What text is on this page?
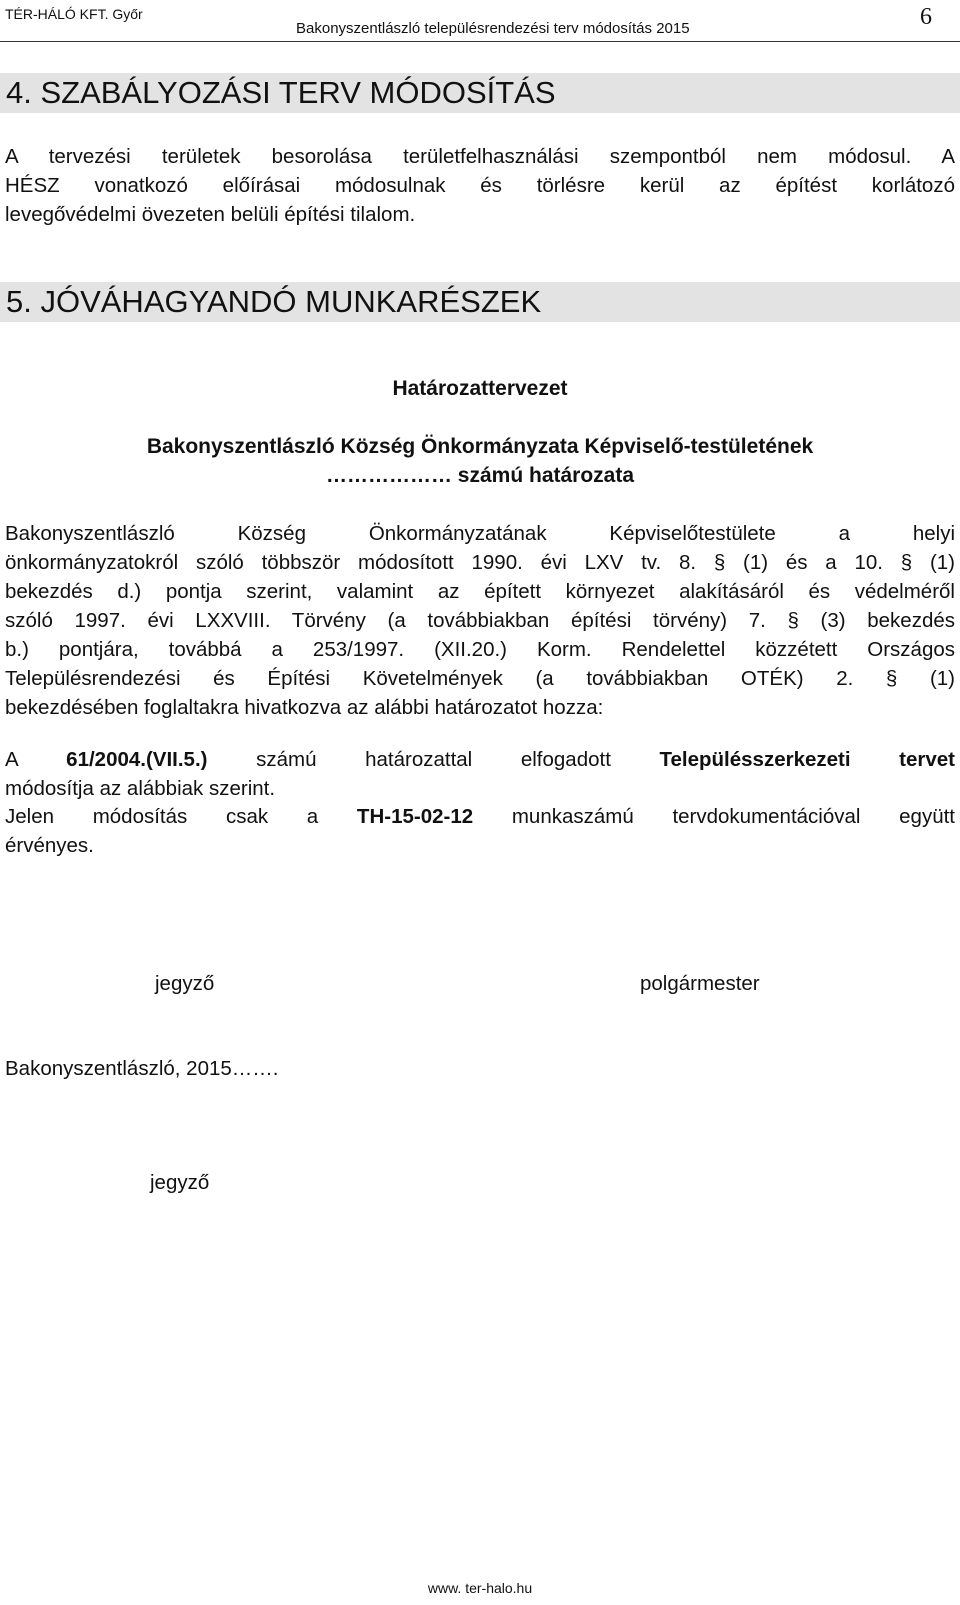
TÉR-HÁLÓ KFT. Győr
Bakonyszentlászló településrendezési terv módosítás 2015	6
4. SZABÁLYOZÁSI TERV MÓDOSÍTÁS
A tervezési területek besorolása területfelhasználási szempontból nem módosul. A
HÉSZ vonatkozó előírásai módosulnak és törlésre kerül az építést korlátozó
levegővédelmi övezeten belüli építési tilalom.
5. JÓVÁHAGYANDÓ MUNKARÉSZEK
Határozattervezet
Bakonyszentlászló Község Önkormányzata Képviselő-testületének
……………… számú határozata
Bakonyszentlászló Község Önkormányzatának Képviselőtestülete a helyi
önkormányzatokról szóló többször módosított 1990. évi LXV tv. 8. § (1) és a 10. § (1)
bekezdés d.) pontja szerint, valamint az épített környezet alakításáról és védelméről
szóló 1997. évi LXXVIII. Törvény (a továbbiakban építési törvény) 7. § (3) bekezdés
b.) pontjára, továbbá a 253/1997. (XII.20.) Korm. Rendelettel közzétett Országos
Településrendezési és Építési Követelmények (a továbbiakban OTÉK) 2. § (1)
bekezdésében foglaltakra hivatkozva az alábbi határozatot hozza:
A 61/2004.(VII.5.) számú határozattal elfogadott Településszerkezeti tervet
módosítja az alábbiak szerint.
Jelen módosítás csak a TH-15-02-12 munkaszámú tervdokumentációval együtt
érvényes.
jegyző	polgármester
Bakonyszentlászló, 2015…….
jegyző
www. ter-halo.hu
